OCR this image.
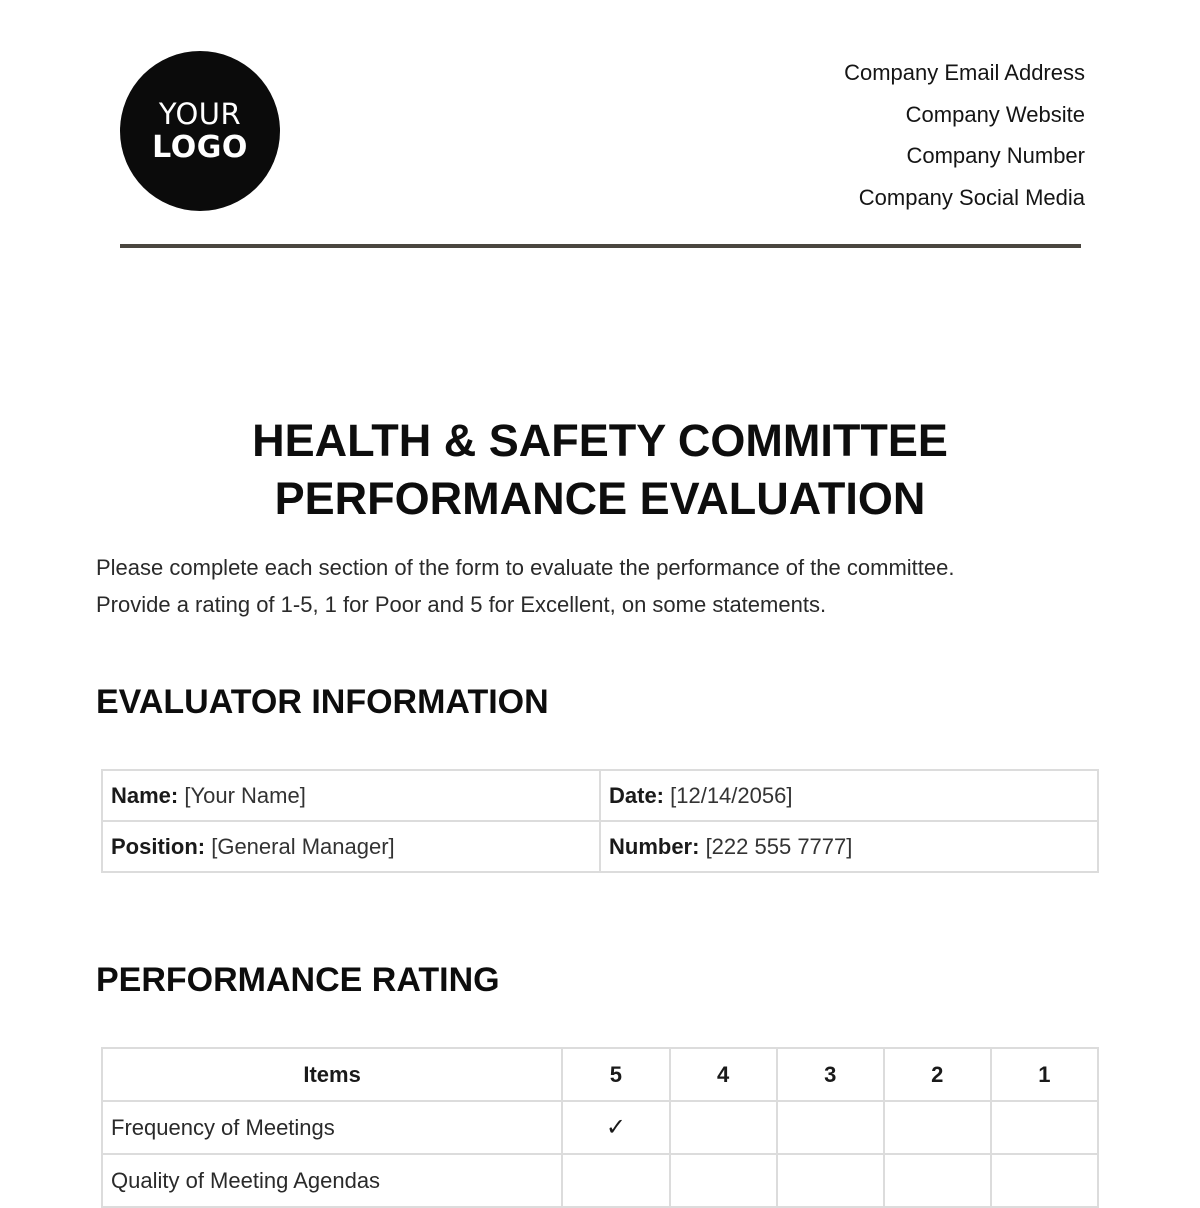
YOUR
LOGO
Company Email Address
Company Website
Company Number
Company Social Media
HEALTH & SAFETY COMMITTEE
PERFORMANCE EVALUATION
Please complete each section of the form to evaluate the performance of the committee.
Provide a rating of 1-5, 1 for Poor and 5 for Excellent, on some statements.
EVALUATOR INFORMATION
Name: [Your Name]	Date: [12/14/2056]
Position: [General Manager]	Number: [222 555 7777]
PERFORMANCE RATING
Items	5	4	3	2	1
Frequency of Meetings	✓				
Quality of Meeting Agendas					
